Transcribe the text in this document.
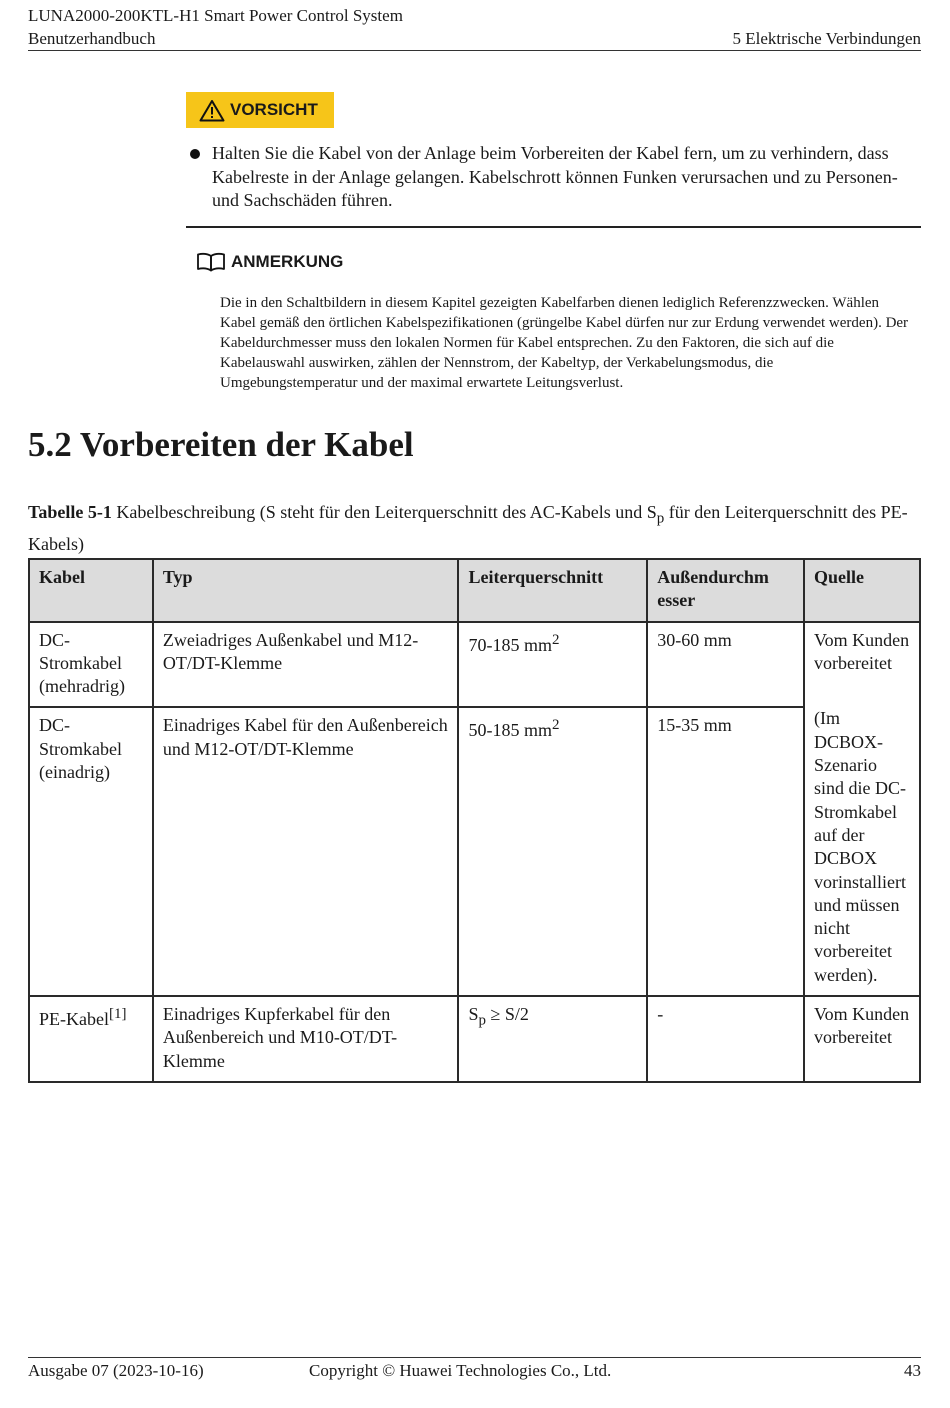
LUNA2000-200KTL-H1 Smart Power Control System
Benutzerhandbuch	5 Elektrische Verbindungen
VORSICHT
Halten Sie die Kabel von der Anlage beim Vorbereiten der Kabel fern, um zu verhindern, dass Kabelreste in der Anlage gelangen. Kabelschrott können Funken verursachen und zu Personen- und Sachschäden führen.
ANMERKUNG
Die in den Schaltbildern in diesem Kapitel gezeigten Kabelfarben dienen lediglich Referenzzwecken. Wählen Kabel gemäß den örtlichen Kabelspezifikationen (grüngelbe Kabel dürfen nur zur Erdung verwendet werden). Der Kabeldurchmesser muss den lokalen Normen für Kabel entsprechen. Zu den Faktoren, die sich auf die Kabelauswahl auswirken, zählen der Nennstrom, der Kabeltyp, der Verkabelungsmodus, die Umgebungstemperatur und der maximal erwartete Leitungsverlust.
5.2 Vorbereiten der Kabel
Tabelle 5-1 Kabelbeschreibung (S steht für den Leiterquerschnitt des AC-Kabels und $S_p$ für den Leiterquerschnitt des PE-Kabels)
Kabel	Typ	Leiterquerschnitt	Außendurchm esser	Quelle
DC-Stromkabel (mehradrig)	Zweiadriges Außenkabel und M12-OT/DT-Klemme	70-185 $mm^2$	30-60 mm	Vom Kunden vorbereitet
DC-Stromkabel (einadrig)	Einadriges Kabel für den Außenbereich und M12-OT/DT-Klemme	50-185 $mm^2$	15-35 mm	(Im DCBOX-Szenario sind die DC-Stromkabel auf der DCBOX vorinstalliert und müssen nicht vorbereitet werden).
PE-Kabel[1]	Einadriges Kupferkabel für den Außenbereich und M10-OT/DT-Klemme	$S_p \ge S/2$	-	Vom Kunden vorbereitet
Ausgabe 07 (2023-10-16)	Copyright © Huawei Technologies Co., Ltd.	43
